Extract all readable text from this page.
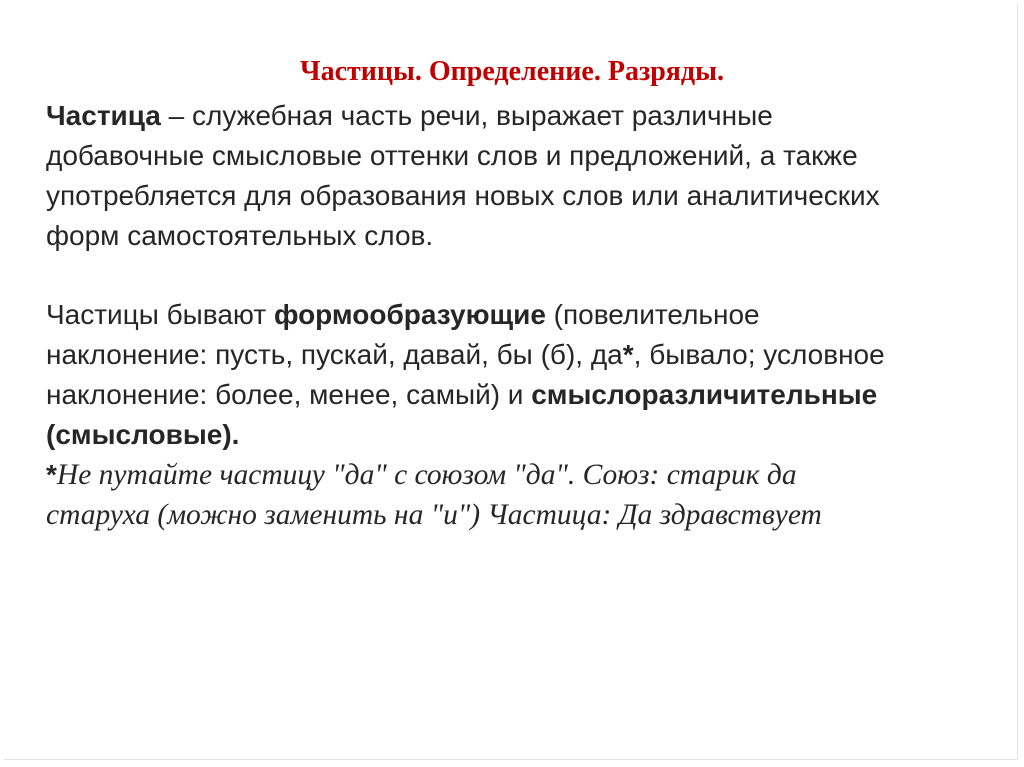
Частицы. Определение. Разряды.
Частица – служебная часть речи, выражает различные
добавочные смысловые оттенки слов и предложений, а также
употребляется для образования новых слов или аналитических
форм самостоятельных слов.
Частицы бывают формообразующие (повелительное
наклонение: пусть, пускай, давай, бы (б), да*, бывало; условное
наклонение: более, менее, самый) и смыслоразличительные
(смысловые).
*Не путайте частицу "да" с союзом "да". Союз: старик да
старуха (можно заменить на "и") Частица: Да здравствует
